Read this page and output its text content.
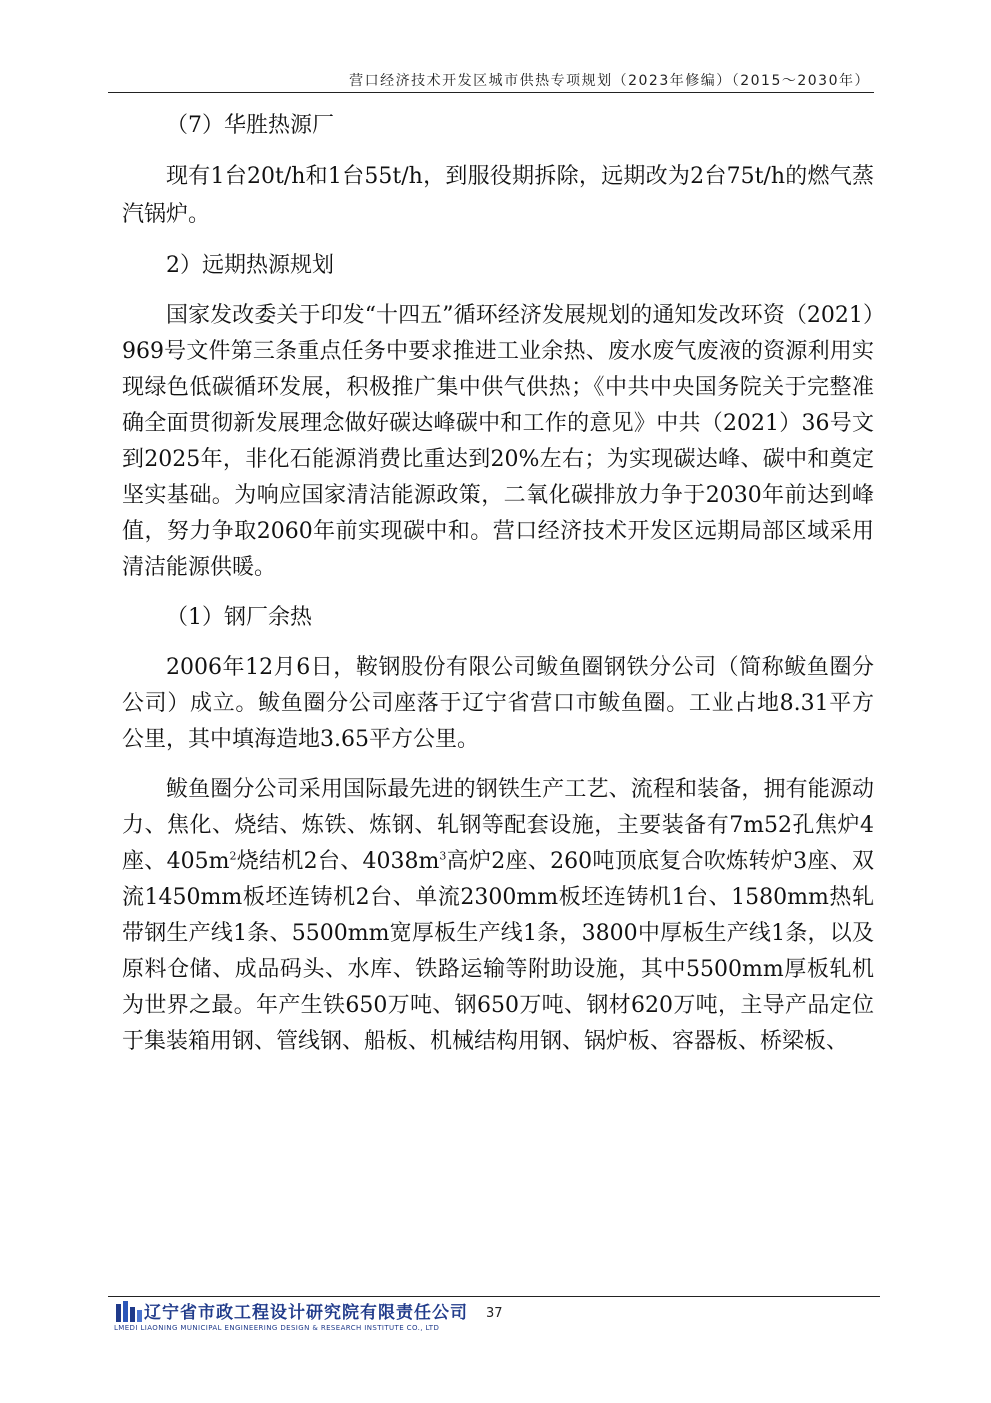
营口经济技术开发区城市供热专项规划（2023年修编）（2015～2030年）

（7）华胜热源厂

现有1台20t/h和1台55t/h，到服役期拆除，远期改为2台75t/h的燃气蒸汽锅炉。

2）远期热源规划

国家发改委关于印发“十四五”循环经济发展规划的通知发改环资（2021）969号文件第三条重点任务中要求推进工业余热、废水废气废液的资源利用实现绿色低碳循环发展，积极推广集中供气供热；《中共中央国务院关于完整准确全面贯彻新发展理念做好碳达峰碳中和工作的意见》中共（2021）36号文到2025年，非化石能源消费比重达到20%左右；为实现碳达峰、碳中和奠定坚实基础。为响应国家清洁能源政策，二氧化碳排放力争于2030年前达到峰值，努力争取2060年前实现碳中和。营口经济技术开发区远期局部区域采用清洁能源供暖。

（1）钢厂余热

2006年12月6日，鞍钢股份有限公司鲅鱼圈钢铁分公司（简称鲅鱼圈分公司）成立。鲅鱼圈分公司座落于辽宁省营口市鲅鱼圈。工业占地8.31平方公里，其中填海造地3.65平方公里。

鲅鱼圈分公司采用国际最先进的钢铁生产工艺、流程和装备，拥有能源动力、焦化、烧结、炼铁、炼钢、轧钢等配套设施，主要装备有7m52孔焦炉4座、$405m^2$烧结机2台、$4038m^3$高炉2座、260吨顶底复合吹炼转炉3座、双流1450mm板坯连铸机2台、单流2300mm板坯连铸机1台、1580mm热轧带钢生产线1条、5500mm宽厚板生产线1条，3800中厚板生产线1条，以及原料仓储、成品码头、水库、铁路运输等附助设施，其中5500mm厚板轧机为世界之最。年产生铁650万吨、钢650万吨、钢材620万吨，主导产品定位于集装箱用钢、管线钢、船板、机械结构用钢、锅炉板、容器板、桥梁板、

辽宁省市政工程设计研究院有限责任公司
LMEDI LIAONING MUNICIPAL ENGINEERING DESIGN & RESEARCH INSTITUTE CO., LTD
37
